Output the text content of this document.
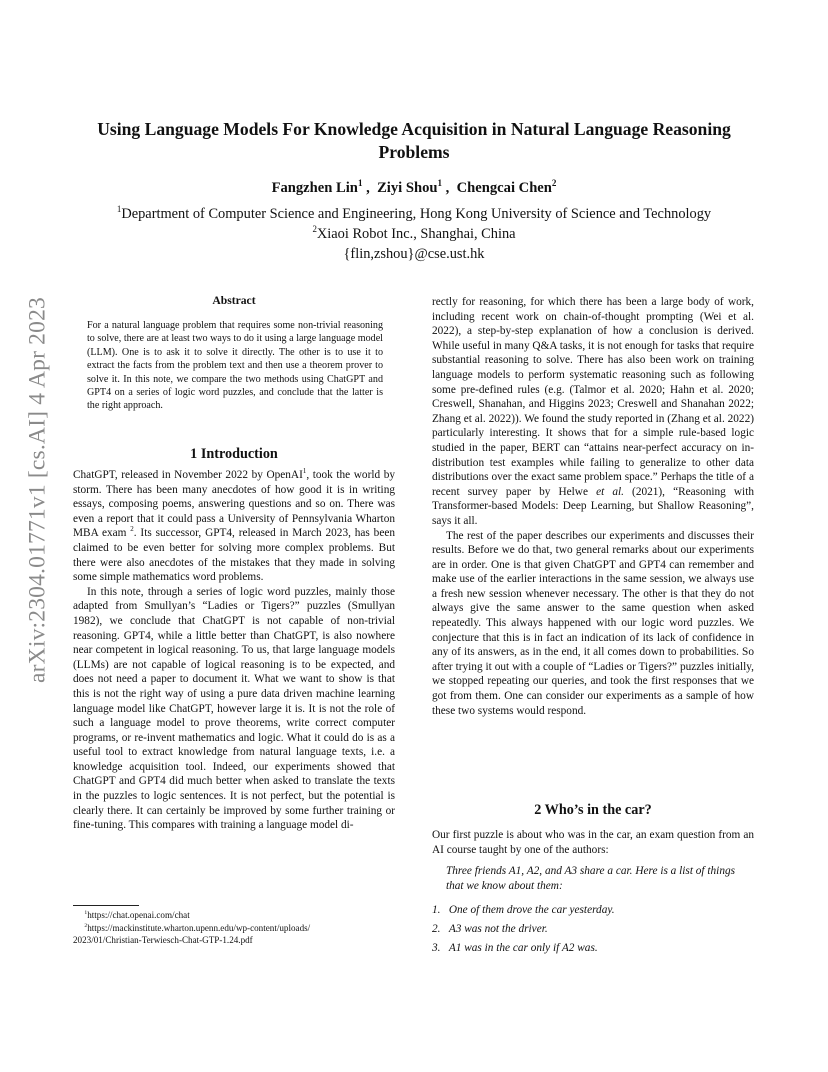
Using Language Models For Knowledge Acquisition in Natural Language Reasoning Problems
Fangzhen Lin$^1$ ,  Ziyi Shou$^1$ ,  Chengcai Chen$^2$
$^1$Department of Computer Science and Engineering, Hong Kong University of Science and Technology
$^2$Xiaoi Robot Inc., Shanghai, China
{flin,zshou}@cse.ust.hk
arXiv:2304.01771v1 [cs.AI] 4 Apr 2023	Abstract
For a natural language problem that requires some non-trivial reasoning to solve, there are at least two ways to do it using a large language model (LLM). One is to ask it to solve it directly. The other is to use it to extract the facts from the problem text and then use a theorem prover to solve it. In this note, we compare the two methods using ChatGPT and GPT4 on a series of logic word puzzles, and conclude that the latter is the right approach.
1 Introduction

ChatGPT, released in November 2022 by OpenAI$^1$, took the world by storm. There has been many anecdotes of how good it is in writing essays, composing poems, answering questions and so on. There was even a report that it could pass a University of Pennsylvania Wharton MBA exam $^2$. Its successor, GPT4, released in March 2023, has been claimed to be even better for solving more complex problems. But there were also anecdotes of the mistakes that they made in solving some simple mathematics word problems.

In this note, through a series of logic word puzzles, mainly those adapted from Smullyan’s “Ladies or Tigers?” puzzles (Smullyan 1982), we conclude that ChatGPT is not capable of non-trivial reasoning. GPT4, while a little better than ChatGPT, is also nowhere near competent in logical reasoning. To us, that large language models (LLMs) are not capable of logical reasoning is to be expected, and does not need a paper to document it. What we want to show is that this is not the right way of using a pure data driven machine learning language model like ChatGPT, however large it is. It is not the role of such a language model to prove theorems, write correct computer programs, or re-invent mathematics and logic. What it could do is as a useful tool to extract knowledge from natural language texts, i.e. a knowledge acquisition tool. Indeed, our experiments showed that ChatGPT and GPT4 did much better when asked to translate the texts in the puzzles to logic sentences. It is not perfect, but the potential is clearly there. It can certainly be improved by some further training or fine-tuning. This compares with training a language model di-

$^1$https://chat.openai.com/chat
$^2$https://mackinstitute.wharton.upenn.edu/wp-content/uploads/
2023/01/Christian-Terwiesch-Chat-GTP-1.24.pdf

rectly for reasoning, for which there has been a large body of work, including recent work on chain-of-thought prompting (Wei et al. 2022), a step-by-step explanation of how a conclusion is derived. While useful in many Q&A tasks, it is not enough for tasks that require substantial reasoning to solve. There has also been work on training language models to perform systematic reasoning such as following some pre-defined rules (e.g. (Talmor et al. 2020; Hahn et al. 2020; Creswell, Shanahan, and Higgins 2023; Creswell and Shanahan 2022; Zhang et al. 2022)). We found the study reported in (Zhang et al. 2022) particularly interesting. It shows that for a simple rule-based logic studied in the paper, BERT can “attains near-perfect accuracy on in-distribution test examples while failing to generalize to other data distributions over the exact same problem space.” Perhaps the title of a recent survey paper by Helwe et al. (2021), “Reasoning with Transformer-based Models: Deep Learning, but Shallow Reasoning”, says it all.

The rest of the paper describes our experiments and discusses their results. Before we do that, two general remarks about our experiments are in order. One is that given ChatGPT and GPT4 can remember and make use of the earlier interactions in the same session, we always use a fresh new session whenever necessary. The other is that they do not always give the same answer to the same question when asked repeatedly. This always happened with our logic word puzzles. We conjecture that this is in fact an indication of its lack of confidence in any of its answers, as in the end, it all comes down to probabilities. So after trying it out with a couple of “Ladies or Tigers?” puzzles initially, we stopped repeating our queries, and took the first responses that we got from them. One can consider our experiments as a sample of how these two systems would respond.

2 Who’s in the car?

Our first puzzle is about who was in the car, an exam question from an AI course taught by one of the authors:

Three friends A1, A2, and A3 share a car. Here is a list of things that we know about them:
1. One of them drove the car yesterday.
2. A3 was not the driver.
3. A1 was in the car only if A2 was.
